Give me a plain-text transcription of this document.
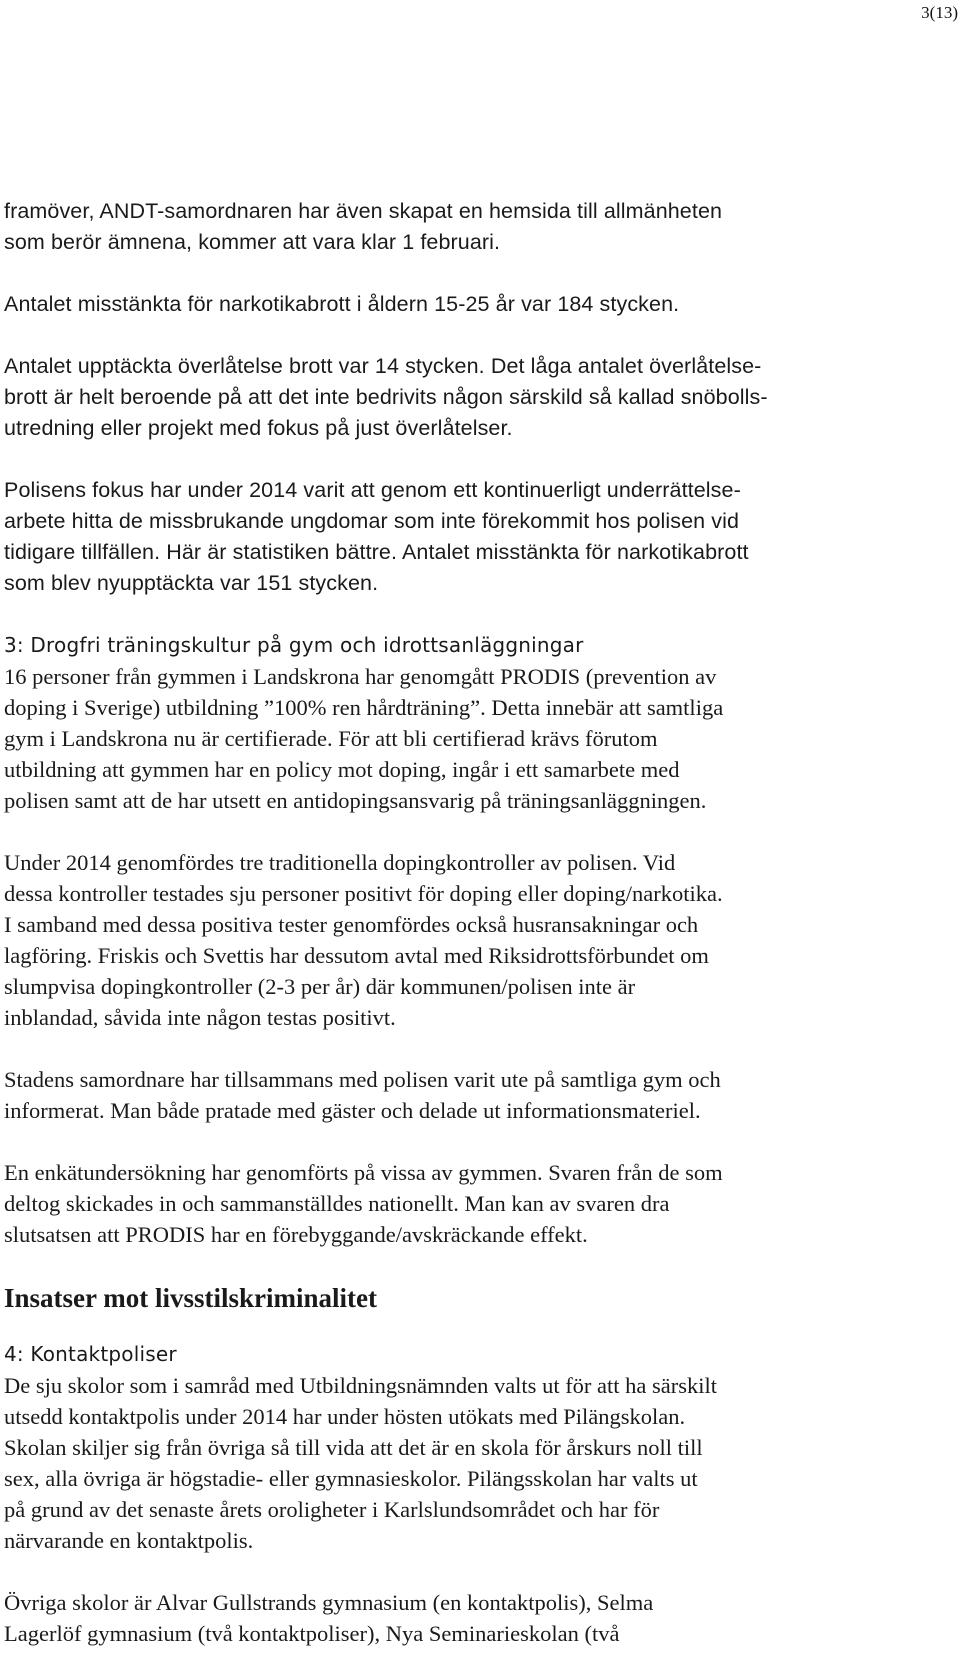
3(13)

framöver, ANDT-samordnaren har även skapat en hemsida till allmänheten
som berör ämnena, kommer att vara klar 1 februari.

Antalet misstänkta för narkotikabrott i åldern 15-25 år var 184 stycken.

Antalet upptäckta överlåtelse brott var 14 stycken. Det låga antalet överlåtelse-
brott är helt beroende på att det inte bedrivits någon särskild så kallad snöbolls-
utredning eller projekt med fokus på just överlåtelser.

Polisens fokus har under 2014 varit att genom ett kontinuerligt underrättelse-
arbete hitta de missbrukande ungdomar som inte förekommit hos polisen vid
tidigare tillfällen. Här är statistiken bättre. Antalet misstänkta för narkotikabrott
som blev nyupptäckta var 151 stycken.

3: Drogfri träningskultur på gym och idrottsanläggningar
16 personer från gymmen i Landskrona har genomgått PRODIS (prevention av
doping i Sverige) utbildning ”100% ren hårdträning”. Detta innebär att samtliga
gym i Landskrona nu är certifierade. För att bli certifierad krävs förutom
utbildning att gymmen har en policy mot doping, ingår i ett samarbete med
polisen samt att de har utsett en antidopingsansvarig på träningsanläggningen.

Under 2014 genomfördes tre traditionella dopingkontroller av polisen. Vid
dessa kontroller testades sju personer positivt för doping eller doping/narkotika.
I samband med dessa positiva tester genomfördes också husransakningar och
lagföring. Friskis och Svettis har dessutom avtal med Riksidrottsförbundet om
slumpvisa dopingkontroller (2-3 per år) där kommunen/polisen inte är
inblandad, såvida inte någon testas positivt.

Stadens samordnare har tillsammans med polisen varit ute på samtliga gym och
informerat. Man både pratade med gäster och delade ut informationsmateriel.

En enkätundersökning har genomförts på vissa av gymmen. Svaren från de som
deltog skickades in och sammanställdes nationellt. Man kan av svaren dra
slutsatsen att PRODIS har en förebyggande/avskräckande effekt.

Insatser mot livsstilskriminalitet

4: Kontaktpoliser
De sju skolor som i samråd med Utbildningsnämnden valts ut för att ha särskilt
utsedd kontaktpolis under 2014 har under hösten utökats med Pilängskolan.
Skolan skiljer sig från övriga så till vida att det är en skola för årskurs noll till
sex, alla övriga är högstadie- eller gymnasieskolor. Pilängsskolan har valts ut
på grund av det senaste årets oroligheter i Karlslundsområdet och har för
närvarande en kontaktpolis.

Övriga skolor är Alvar Gullstrands gymnasium (en kontaktpolis), Selma
Lagerlöf gymnasium (två kontaktpoliser), Nya Seminarieskolan (två
